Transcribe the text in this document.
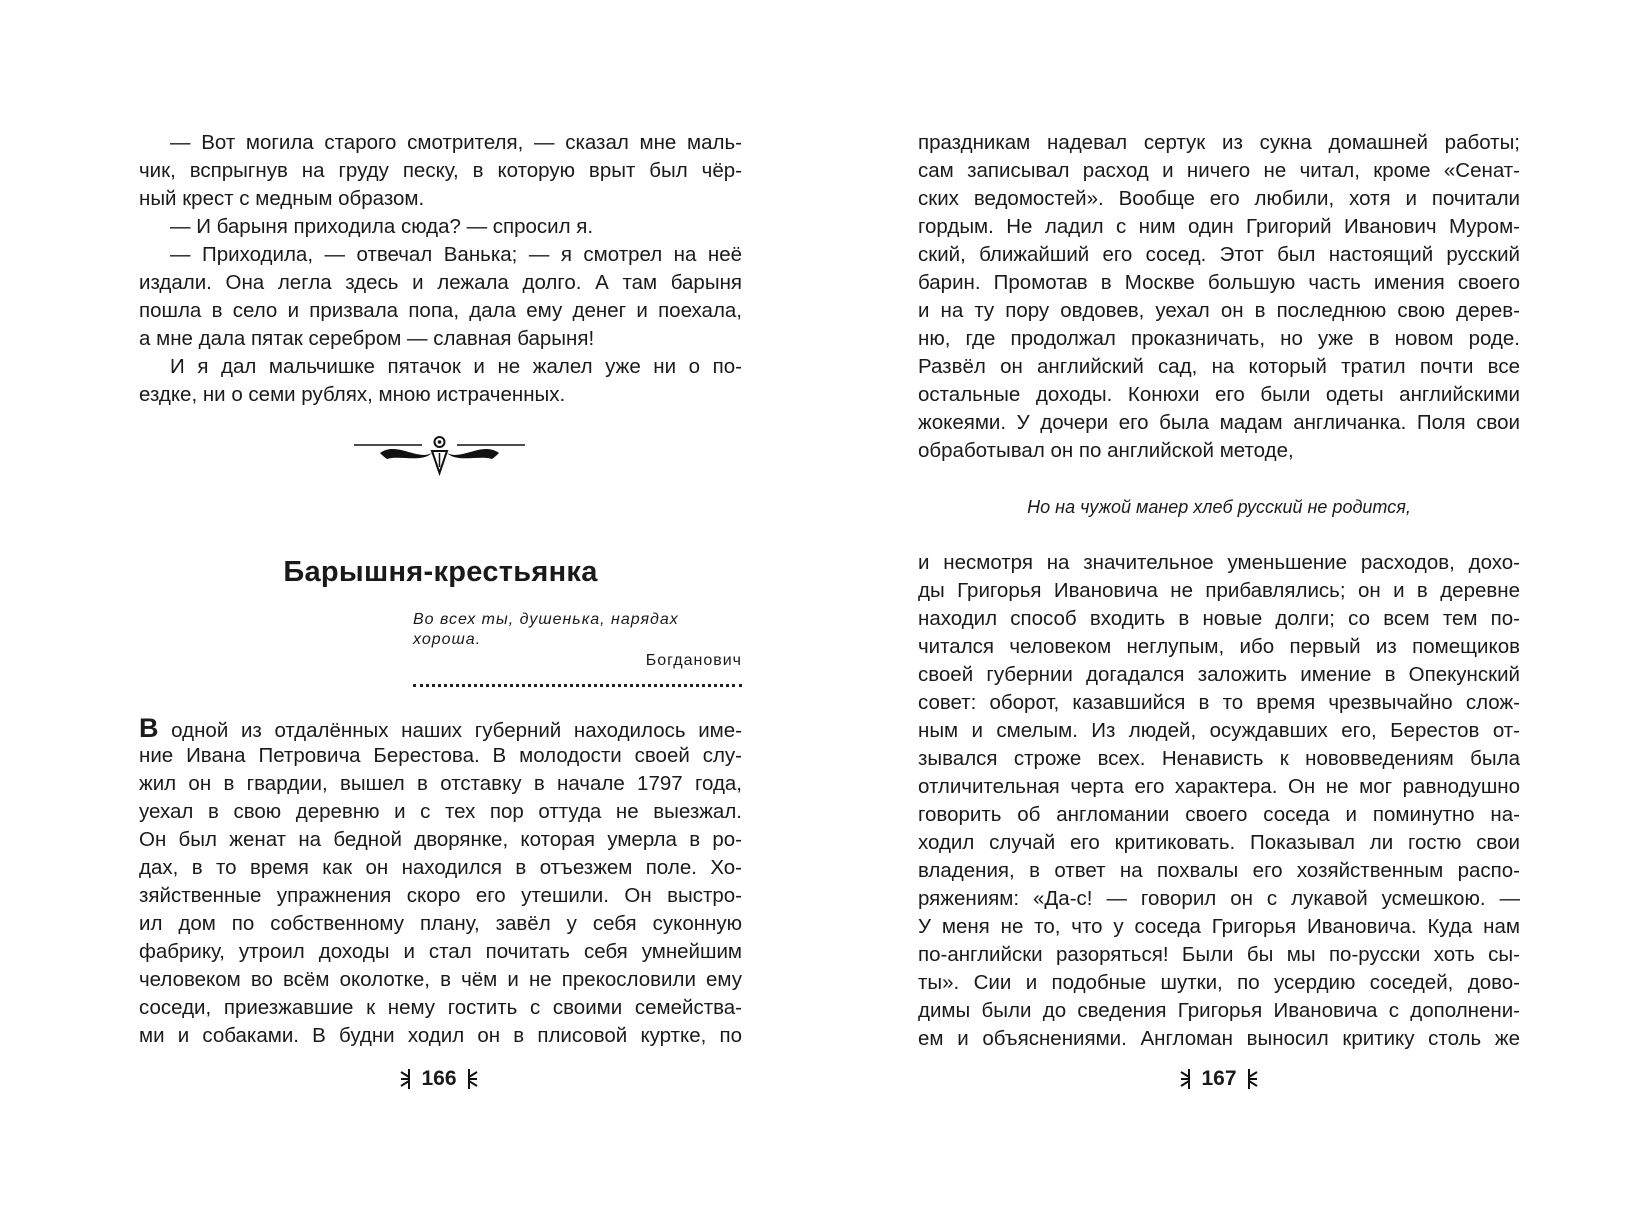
— Вот могила старого смотрителя, — сказал мне маль-
чик, вспрыгнув на груду песку, в которую врыт был чёр-
ный крест с медным образом.
— И барыня приходила сюда? — спросил я.
— Приходила, — отвечал Ванька; — я смотрел на неё
издали. Она легла здесь и лежала долго. А там барыня
пошла в село и призвала попа, дала ему денег и поехала,
а мне дала пятак серебром — славная барыня!
И я дал мальчишке пятачок и не жалел уже ни о по-
ездке, ни о семи рублях, мною истраченных.
Барышня-крестьянка
Во всех ты, душенька, нарядах
хороша.
Богданович
В одной из отдалённых наших губерний находилось име-
ние Ивана Петровича Берестова. В молодости своей слу-
жил он в гвардии, вышел в отставку в начале 1797 года,
уехал в свою деревню и с тех пор оттуда не выезжал.
Он был женат на бедной дворянке, которая умерла в ро-
дах, в то время как он находился в отъезжем поле. Хо-
зяйственные упражнения скоро его утешили. Он выстро-
ил дом по собственному плану, завёл у себя суконную
фабрику, утроил доходы и стал почитать себя умнейшим
человеком во всём околотке, в чём и не прекословили ему
соседи, приезжавшие к нему гостить с своими семейства-
ми и собаками. В будни ходил он в плисовой куртке, по
166
праздникам надевал сертук из сукна домашней работы;
сам записывал расход и ничего не читал, кроме «Сенат-
ских ведомостей». Вообще его любили, хотя и почитали
гордым. Не ладил с ним один Григорий Иванович Муром-
ский, ближайший его сосед. Этот был настоящий русский
барин. Промотав в Москве большую часть имения своего
и на ту пору овдовев, уехал он в последнюю свою дерев-
ню, где продолжал проказничать, но уже в новом роде.
Развёл он английский сад, на который тратил почти все
остальные доходы. Конюхи его были одеты английскими
жокеями. У дочери его была мадам англичанка. Поля свои
обработывал он по английской методе,
Но на чужой манер хлеб русский не родится,
и несмотря на значительное уменьшение расходов, дохо-
ды Григорья Ивановича не прибавлялись; он и в деревне
находил способ входить в новые долги; со всем тем по-
читался человеком неглупым, ибо первый из помещиков
своей губернии догадался заложить имение в Опекунский
совет: оборот, казавшийся в то время чрезвычайно слож-
ным и смелым. Из людей, осуждавших его, Берестов от-
зывался строже всех. Ненависть к нововведениям была
отличительная черта его характера. Он не мог равнодушно
говорить об англомании своего соседа и поминутно на-
ходил случай его критиковать. Показывал ли гостю свои
владения, в ответ на похвалы его хозяйственным распо-
ряжениям: «Да-с! — говорил он с лукавой усмешкою. —
У меня не то, что у соседа Григорья Ивановича. Куда нам
по-английски разоряться! Были бы мы по-русски хоть сы-
ты». Сии и подобные шутки, по усердию соседей, дово-
димы были до сведения Григорья Ивановича с дополнени-
ем и объяснениями. Англоман выносил критику столь же
167
